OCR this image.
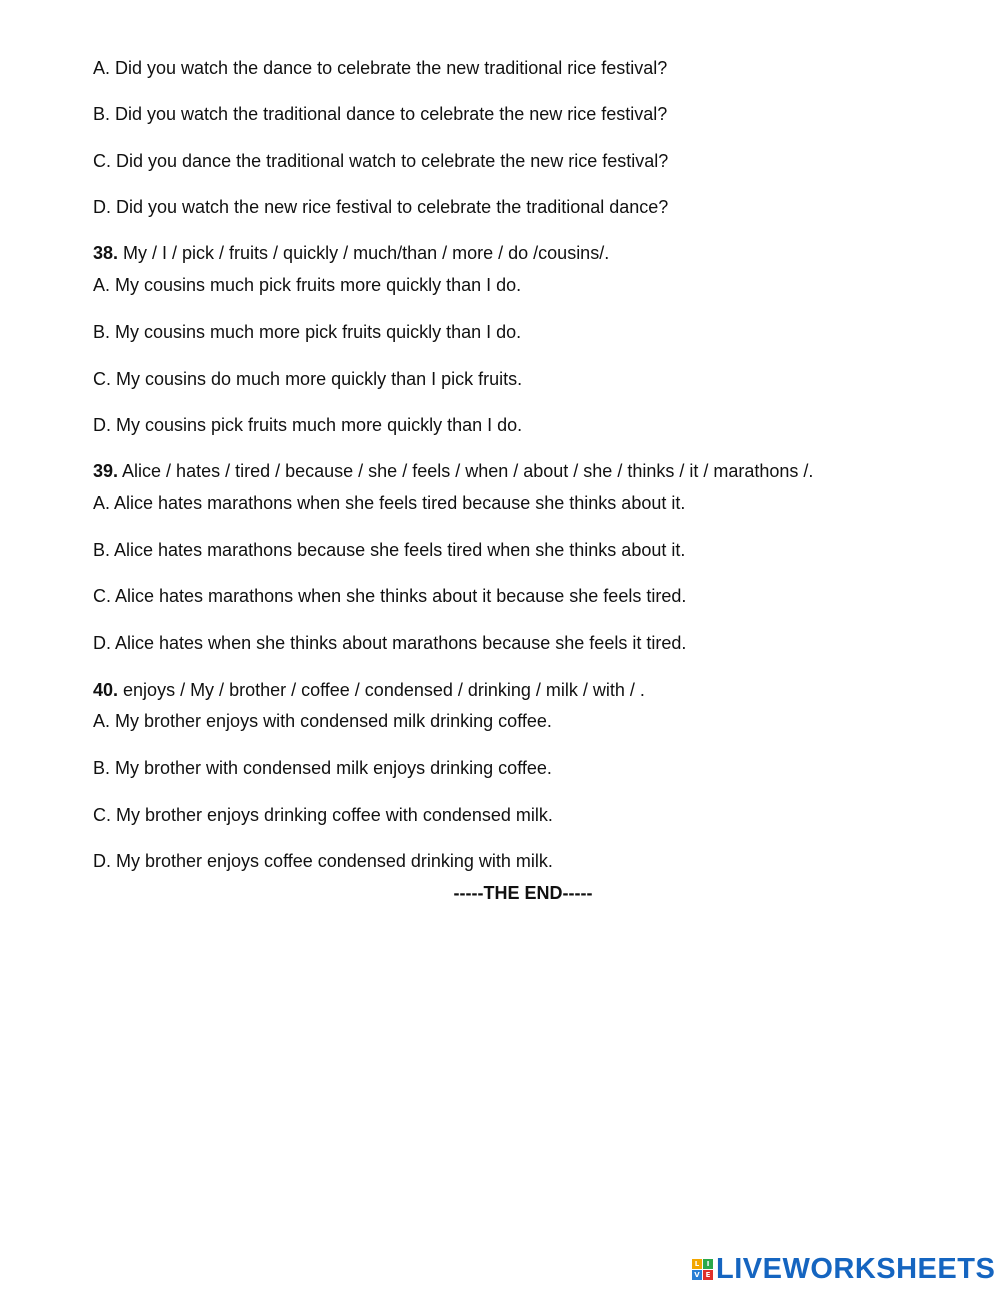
A. Did you watch the dance to celebrate the new traditional rice festival?
B. Did you watch the traditional dance to celebrate the new rice festival?
C. Did you dance the traditional watch to celebrate the new rice festival?
D. Did you watch the new rice festival to celebrate the traditional dance?
38. My / I / pick / fruits / quickly / much/than / more / do /cousins/.
A. My cousins much pick fruits more quickly than I do.
B. My cousins much more pick fruits quickly than I do.
C. My cousins do much more quickly than I pick fruits.
D. My cousins pick fruits much more quickly than I do.
39. Alice / hates / tired / because / she / feels / when / about / she / thinks / it / marathons /.
A. Alice hates marathons when she feels tired because she thinks about it.
B. Alice hates marathons because she feels tired when she thinks about it.
C. Alice hates marathons when she thinks about it because she feels tired.
D. Alice hates when she thinks about marathons because she feels it tired.
40. enjoys / My / brother / coffee / condensed / drinking / milk / with / .
A. My brother enjoys with condensed milk drinking coffee.
B. My brother with condensed milk enjoys drinking coffee.
C. My brother enjoys drinking coffee with condensed milk.
D. My brother enjoys coffee condensed drinking with milk.
-----THE END-----
L	I
V E LIVEWORKSHEETS
